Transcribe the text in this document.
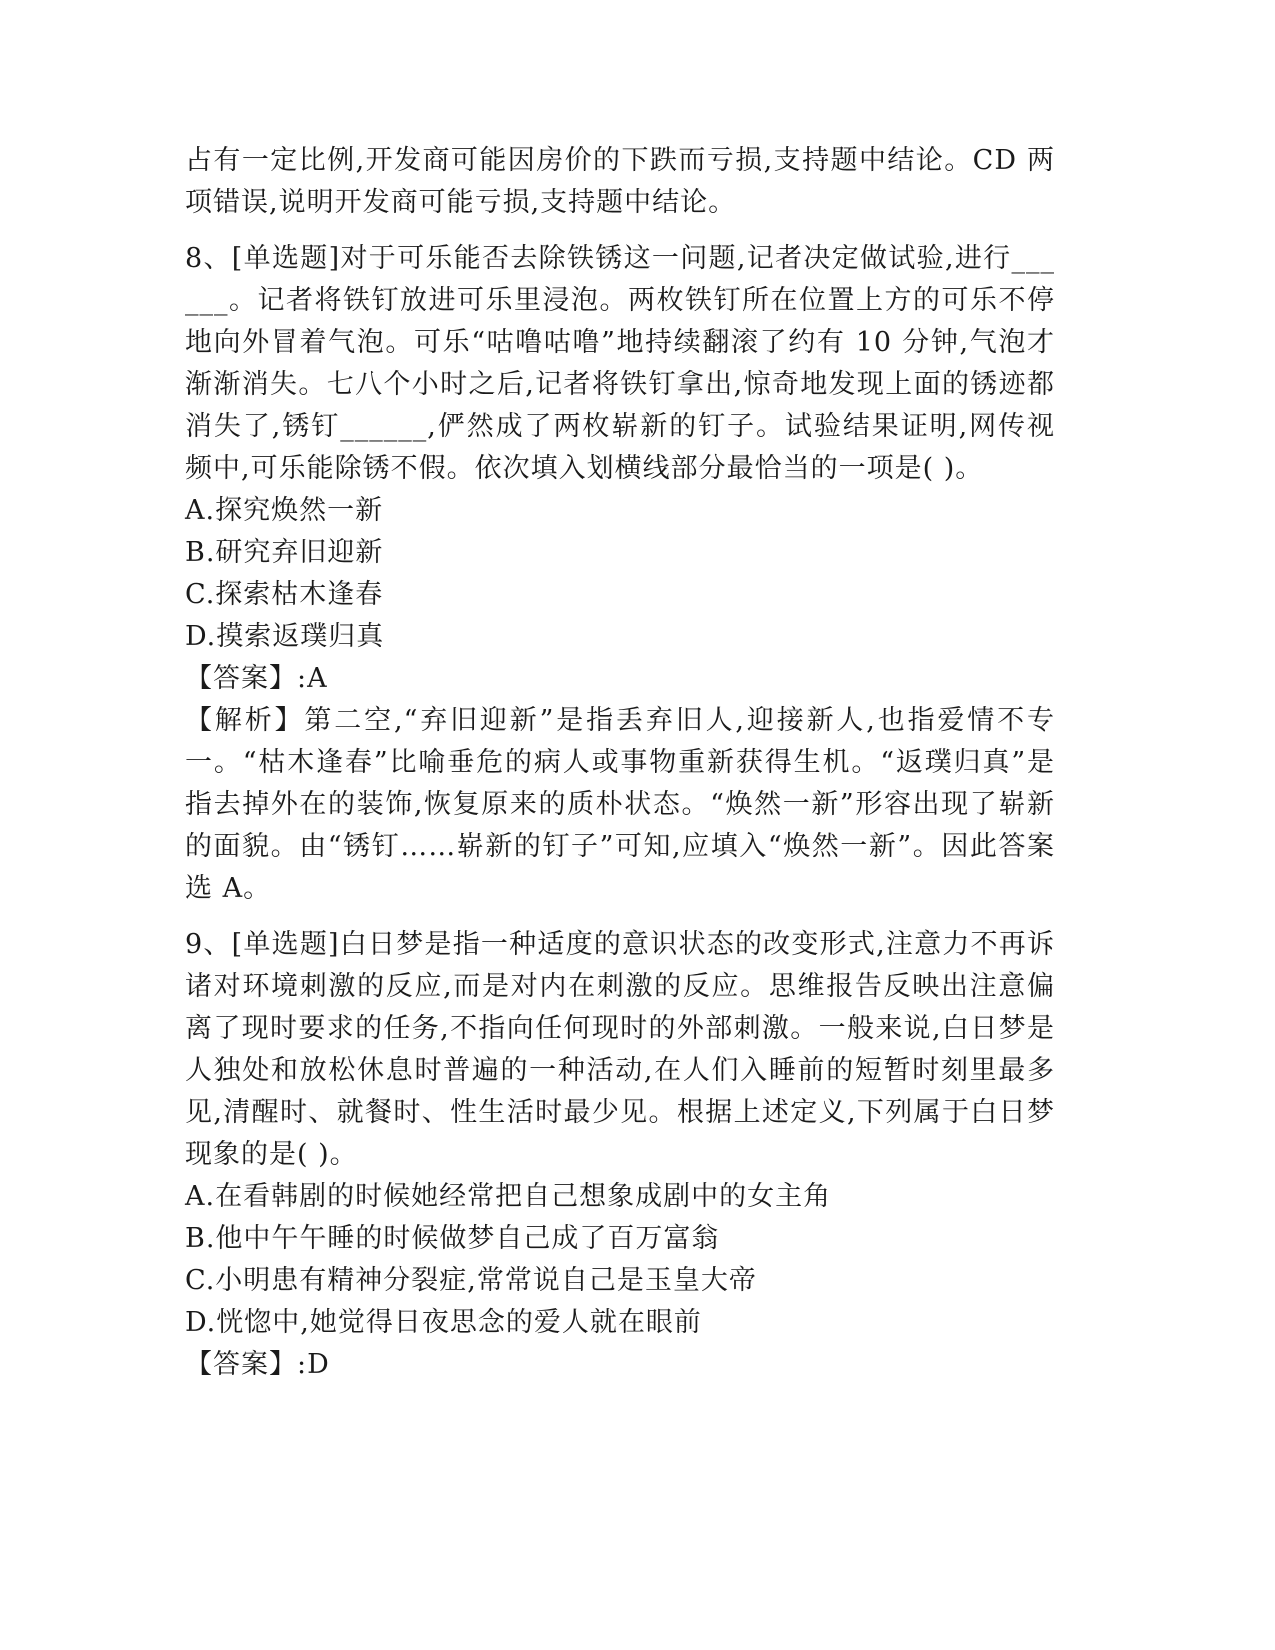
占有一定比例,开发商可能因房价的下跌而亏损,支持题中结论。CD 两项错误,说明开发商可能亏损,支持题中结论。

8、[单选题]对于可乐能否去除铁锈这一问题,记者决定做试验,进行______。记者将铁钉放进可乐里浸泡。两枚铁钉所在位置上方的可乐不停地向外冒着气泡。可乐“咕噜咕噜”地持续翻滚了约有 10 分钟,气泡才渐渐消失。七八个小时之后,记者将铁钉拿出,惊奇地发现上面的锈迹都消失了,锈钉______,俨然成了两枚崭新的钉子。试验结果证明,网传视频中,可乐能除锈不假。依次填入划横线部分最恰当的一项是( )。

A.探究焕然一新

B.研究弃旧迎新

C.探索枯木逢春

D.摸索返璞归真

【答案】:A

【解析】第二空,“弃旧迎新”是指丢弃旧人,迎接新人,也指爱情不专一。“枯木逢春”比喻垂危的病人或事物重新获得生机。“返璞归真”是指去掉外在的装饰,恢复原来的质朴状态。“焕然一新”形容出现了崭新的面貌。由“锈钉……崭新的钉子”可知,应填入“焕然一新”。因此答案选 A。

9、[单选题]白日梦是指一种适度的意识状态的改变形式,注意力不再诉诸对环境刺激的反应,而是对内在刺激的反应。思维报告反映出注意偏离了现时要求的任务,不指向任何现时的外部刺激。一般来说,白日梦是人独处和放松休息时普遍的一种活动,在人们入睡前的短暂时刻里最多见,清醒时、就餐时、性生活时最少见。根据上述定义,下列属于白日梦现象的是( )。

A.在看韩剧的时候她经常把自己想象成剧中的女主角

B.他中午午睡的时候做梦自己成了百万富翁

C.小明患有精神分裂症,常常说自己是玉皇大帝

D.恍惚中,她觉得日夜思念的爱人就在眼前

【答案】:D
